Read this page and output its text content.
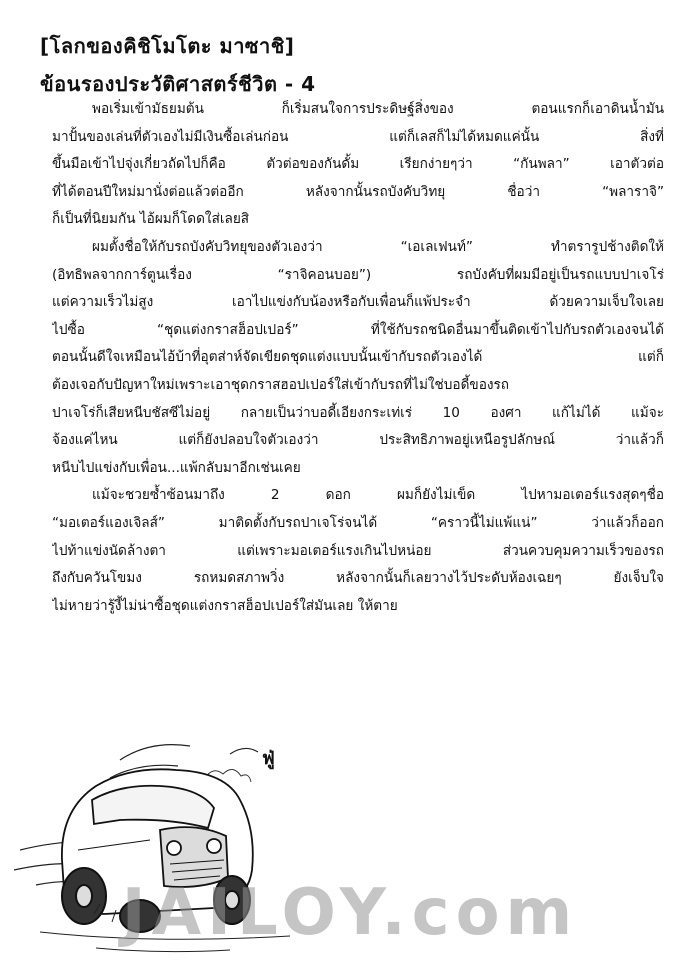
[โลกของคิชิโมโตะ มาซาชิ]
ข้อนรองประวัติศาสตร์ชีวิต - 4
พอเริ่มเข้ามัธยมต้น ก็เริ่มสนใจการประดิษฐ์สิ่งของ ตอนแรกก็เอาดินน้ำมัน
มาปั้นของเล่นที่ตัวเองไม่มีเงินซื้อเล่นก่อน แต่ก็เลสก็ไม่ได้หมดแค่นั้น สิ่งที่
ขึ้นมือเข้าไปจุ่งเกี่ยวถัดไปก็คือ ตัวต่อของกันดั้ม เรียกง่ายๆว่า “กันพลา” เอาตัวต่อ
ที่ได้ตอนปีใหม่มานั่งต่อแล้วต่ออีก หลังจากนั้นรถบังคับวิทยุ ชื่อว่า “พลาราจิ”
ก็เป็นที่นิยมกัน ไอ้ผมก็โดดใส่เลยสิ
ผมตั้งชื่อให้กับรถบังคับวิทยุของตัวเองว่า “เอเลเฟนท์” ทำตรารูปช้างติดให้
(อิทธิพลจากการ์ตูนเรื่อง “ราจิคอนบอย”) รถบังคับที่ผมมีอยู่เป็นรถแบบปาเจโร่
แต่ความเร็วไม่สูง เอาไปแข่งกับน้องหรือกับเพื่อนก็แพ้ประจำ ด้วยความเจ็บใจเลย
ไปซื้อ “ชุดแต่งกราสฮ็อปเปอร์” ที่ใช้กับรถชนิดอื่นมาขึ้นติดเข้าไปกับรถตัวเองจนได้
ตอนนั้นดีใจเหมือนไอ้บ้าที่อุตส่าห์จัดเขียดชุดแต่งแบบนั้นเข้ากับรถตัวเองได้ แต่ก็
ต้องเจอกับปัญหาใหม่เพราะเอาชุดกราสฮอปเปอร์ใส่เข้ากับรถที่ไม่ใช่บอดี้ของรถ
ปาเจโร่ก็เสียหนีบชัสซีไม่อยู่ กลายเป็นว่าบอดี้เอียงกระเท่เร่ 10 องศา แก้ไม่ได้ แม้จะ
จ้องแค่ไหน แต่ก็ยังปลอบใจตัวเองว่า ประสิทธิภาพอยู่เหนือรูปลักษณ์ ว่าแล้วก็
หนีบไปแข่งกับเพื่อน...แพ้กลับมาอีกเช่นเคย
แม้จะชวยซ้ำซ้อนมาถึง 2 ดอก ผมก็ยังไม่เข็ด ไปหามอเตอร์แรงสุดๆชื่อ
“มอเตอร์แองเจิลส์” มาติดตั้งกับรถปาเจโร่จนได้ “คราวนี้ไม่แพ้แน่” ว่าแล้วก็ออก
ไปท้าแข่งนัดล้างตา แต่เพราะมอเตอร์แรงเกินไปหน่อย ส่วนควบคุมความเร็วของรถ
ถึงกับควันโขมง รถหมดสภาพวิ่ง หลังจากนั้นก็เลยวางไว้ประดับห้องเฉยๆ ยังเจ็บใจ
ไม่หายว่ารู้งี้ไม่น่าซื้อชุดแต่งกราสฮ็อปเปอร์ใส่มันเลย ให้ตาย
ฟู่
JAILOY.com
